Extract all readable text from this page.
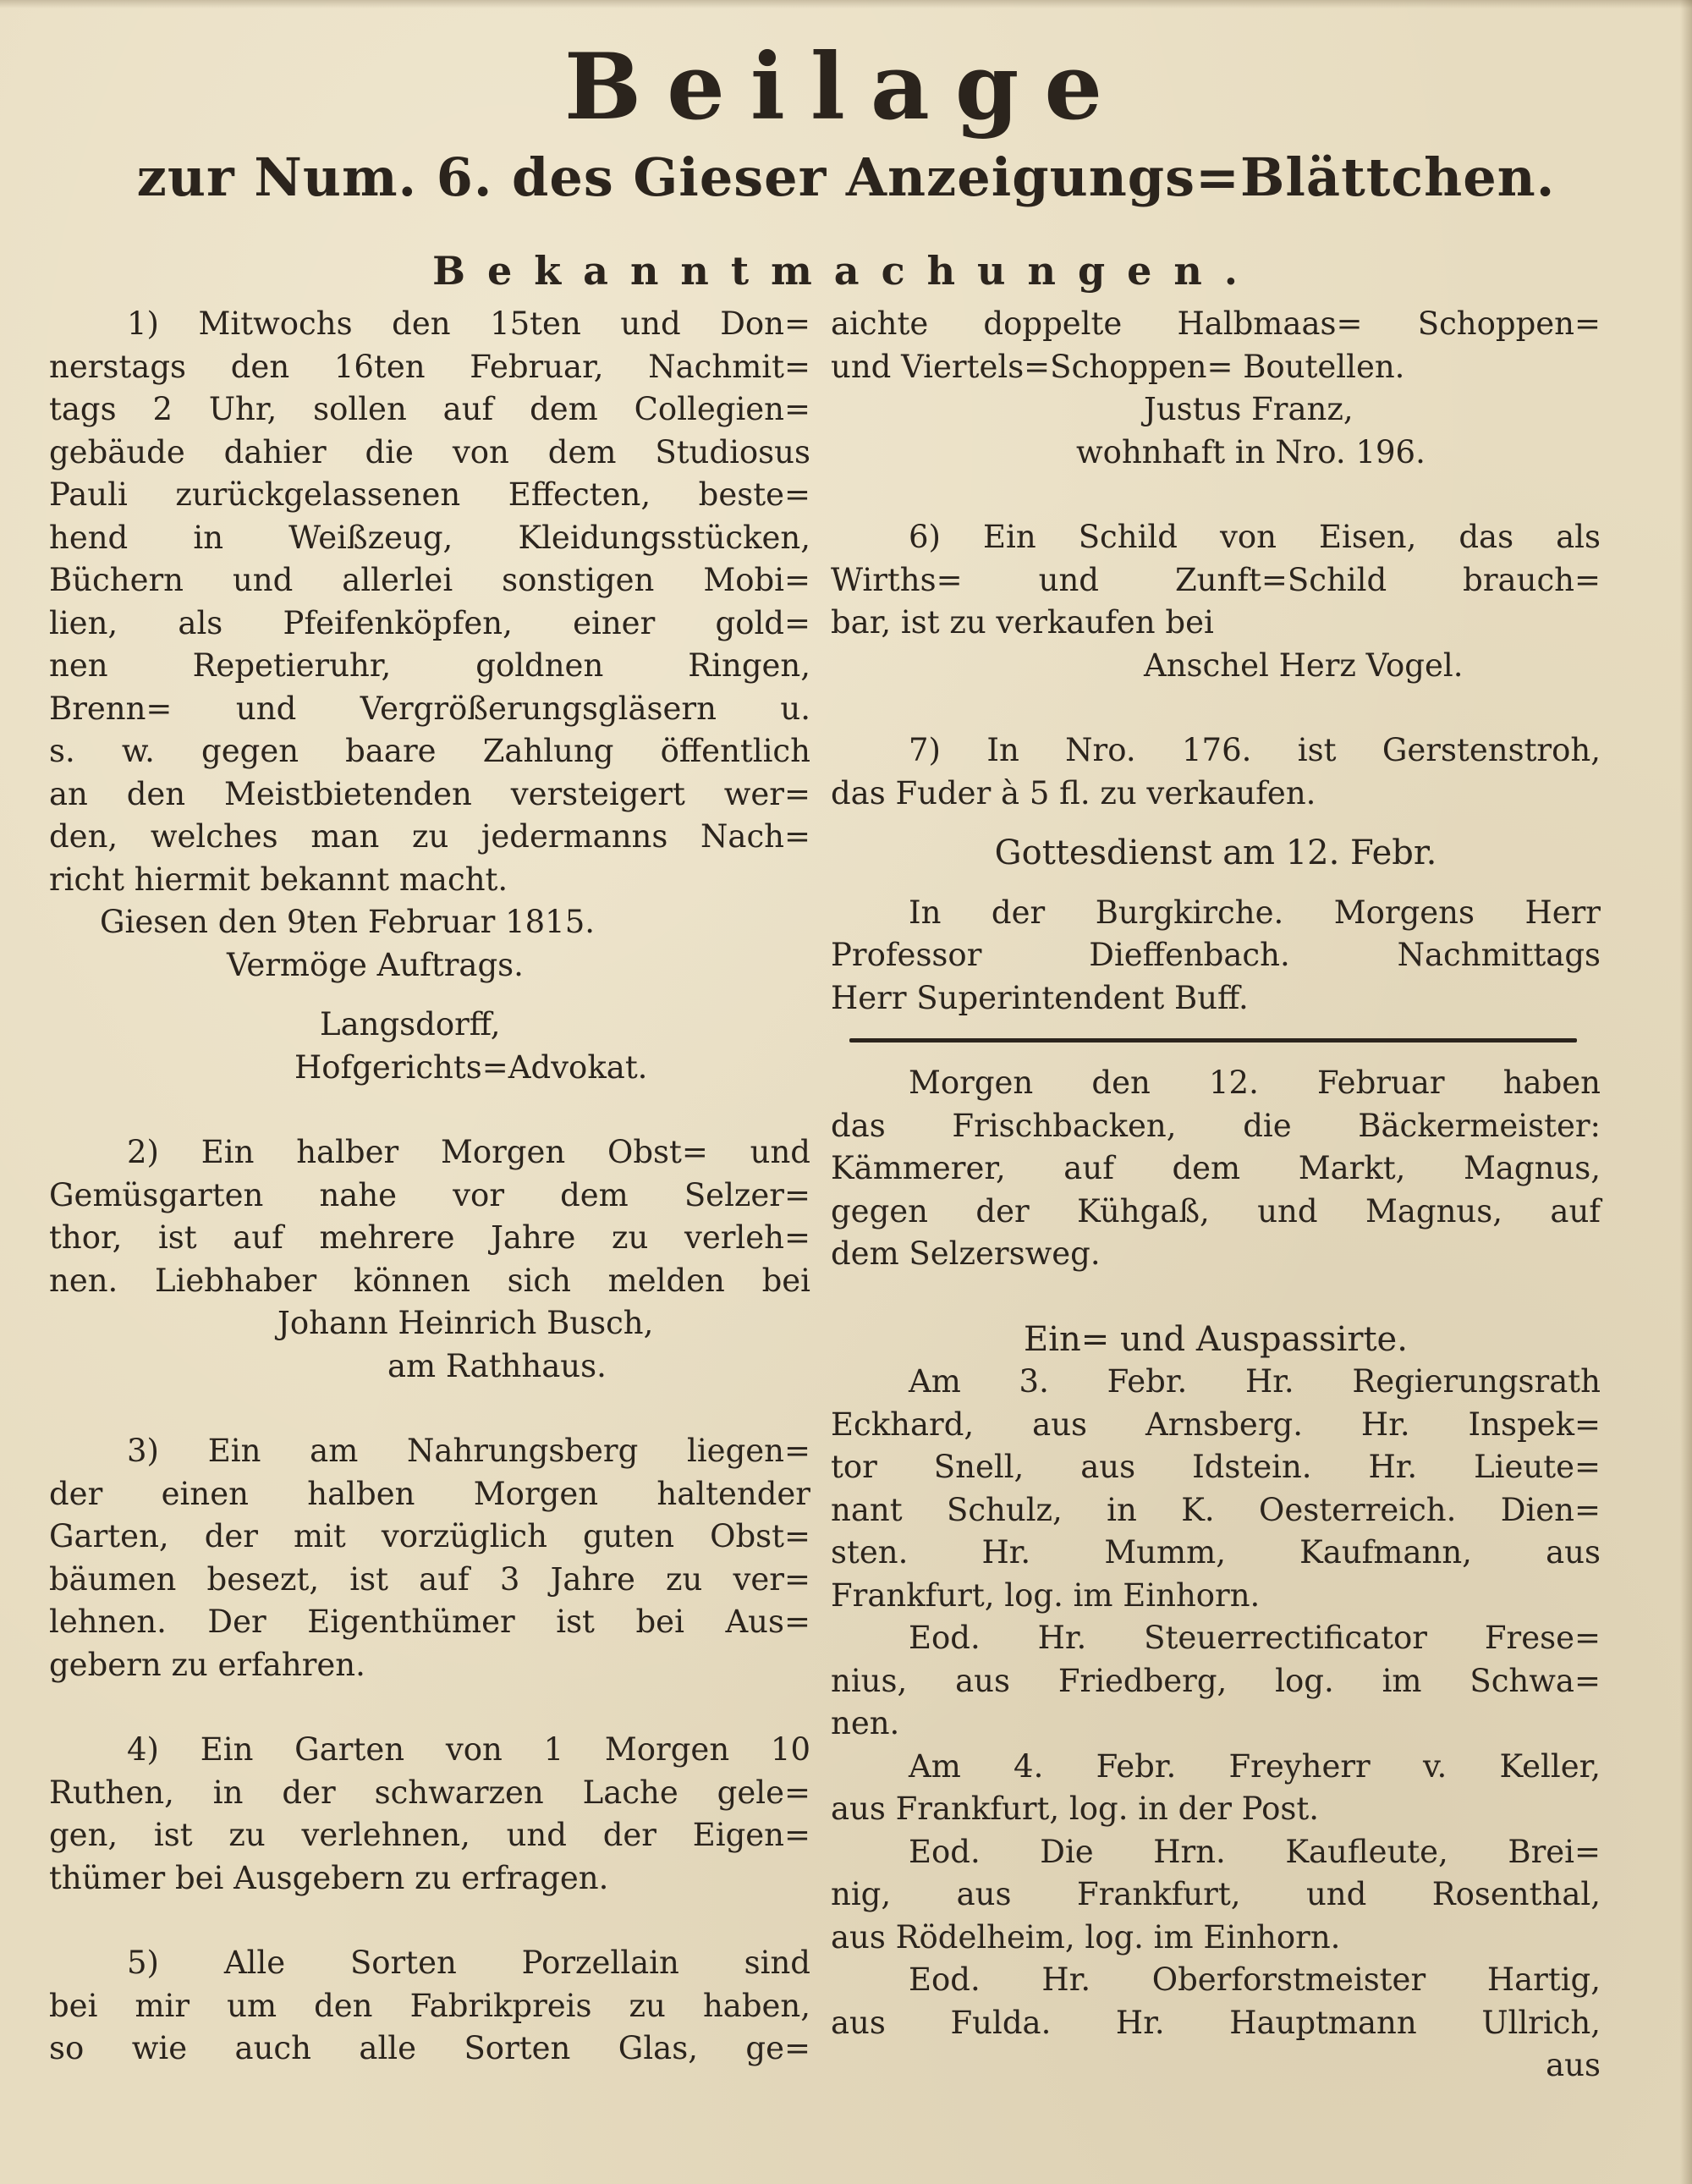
Beilage
zur Num. 6. des Gieser Anzeigungs=Blättchen.
Bekanntmachungen.
1) Mitwochs den 15ten und Don=
nerstags den 16ten Februar, Nachmit=
tags 2 Uhr, sollen auf dem Collegien=
gebäude dahier die von dem Studiosus
Pauli zurückgelassenen Effecten, beste=
hend in Weißzeug, Kleidungsstücken,
Büchern und allerlei sonstigen Mobi=
lien, als Pfeifenköpfen, einer gold=
nen Repetieruhr, goldnen Ringen,
Brenn= und Vergrößerungsgläsern u.
s. w. gegen baare Zahlung öffentlich
an den Meistbietenden versteigert wer=
den, welches man zu jedermanns Nach=
richt hiermit bekannt macht.
Giesen den 9ten Februar 1815.
Vermöge Auftrags.
Langsdorff,
Hofgerichts=Advokat.
2) Ein halber Morgen Obst= und
Gemüsgarten nahe vor dem Selzer=
thor, ist auf mehrere Jahre zu verleh=
nen. Liebhaber können sich melden bei
Johann Heinrich Busch,
am Rathhaus.
3) Ein am Nahrungsberg liegen=
der einen halben Morgen haltender
Garten, der mit vorzüglich guten Obst=
bäumen besezt, ist auf 3 Jahre zu ver=
lehnen. Der Eigenthümer ist bei Aus=
gebern zu erfahren.
4) Ein Garten von 1 Morgen 10
Ruthen, in der schwarzen Lache gele=
gen, ist zu verlehnen, und der Eigen=
thümer bei Ausgebern zu erfragen.
5) Alle Sorten Porzellain sind
bei mir um den Fabrikpreis zu haben,
so wie auch alle Sorten Glas, ge=
aichte doppelte Halbmaas= Schoppen=
und Viertels=Schoppen= Boutellen.
Justus Franz,
wohnhaft in Nro. 196.
6) Ein Schild von Eisen, das als
Wirths= und Zunft=Schild brauch=
bar, ist zu verkaufen bei
Anschel Herz Vogel.
7) In Nro. 176. ist Gerstenstroh,
das Fuder à 5 fl. zu verkaufen.
Gottesdienst am 12. Febr.
In der Burgkirche. Morgens Herr
Professor Dieffenbach. Nachmittags
Herr Superintendent Buff.
Morgen den 12. Februar haben
das Frischbacken, die Bäckermeister:
Kämmerer, auf dem Markt, Magnus,
gegen der Kühgaß, und Magnus, auf
dem Selzersweg.
Ein= und Auspassirte.
Am 3. Febr. Hr. Regierungsrath
Eckhard, aus Arnsberg. Hr. Inspek=
tor Snell, aus Idstein. Hr. Lieute=
nant Schulz, in K. Oesterreich. Dien=
sten. Hr. Mumm, Kaufmann, aus
Frankfurt, log. im Einhorn.
Eod. Hr. Steuerrectificator Frese=
nius, aus Friedberg, log. im Schwa=
nen.
Am 4. Febr. Freyherr v. Keller,
aus Frankfurt, log. in der Post.
Eod. Die Hrn. Kaufleute, Brei=
nig, aus Frankfurt, und Rosenthal,
aus Rödelheim, log. im Einhorn.
Eod. Hr. Oberforstmeister Hartig,
aus Fulda. Hr. Hauptmann Ullrich,
aus
